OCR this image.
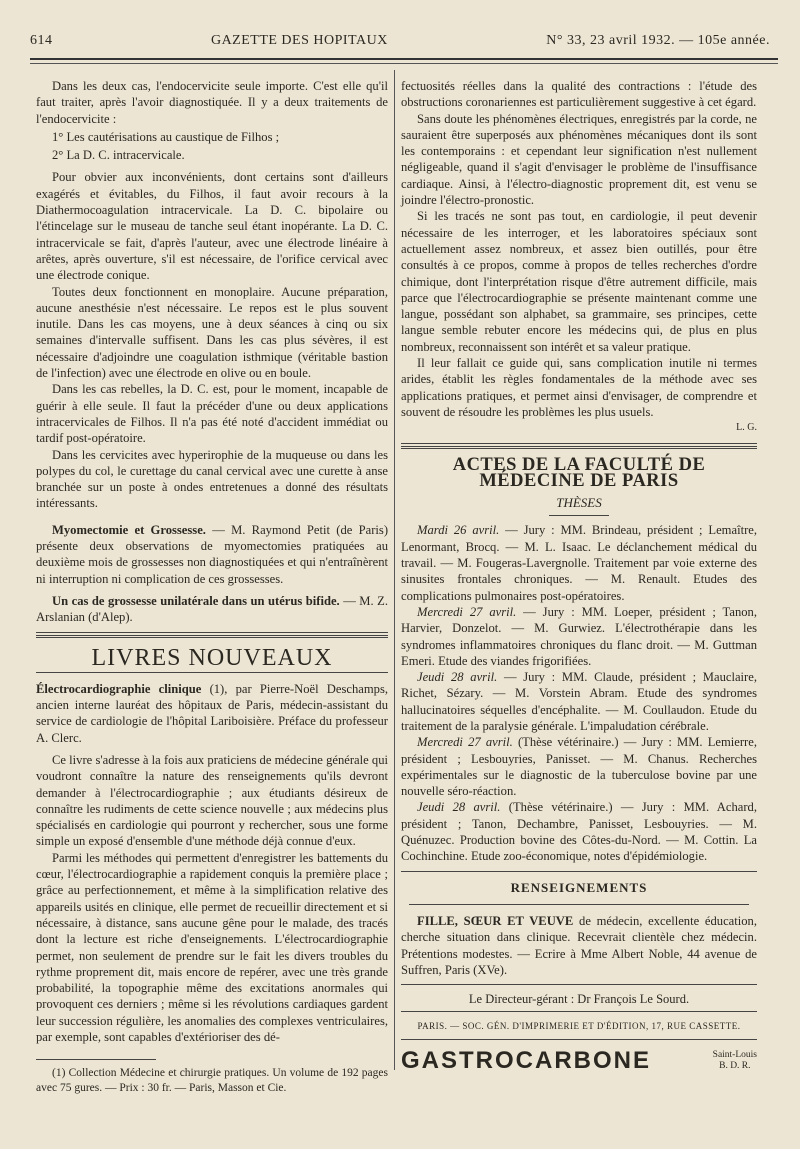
614	GAZETTE DES HOPITAUX	N° 33, 23 avril 1932. — 105e année.

Dans les deux cas, l'endocervicite seule importe. C'est elle qu'il faut traiter, après l'avoir diagnostiquée. Il y a deux traitements de l'endocervicite :

1° Les cautérisations au caustique de Filhos ;

2° La D. C. intracervicale.

Pour obvier aux inconvénients, dont certains sont d'ailleurs exagérés et évitables, du Filhos, il faut avoir recours à la Diathermocoagulation intracervicale. La D. C. bipolaire ou l'étincelage sur le museau de tanche seul étant inopérante. La D. C. intracervicale se fait, d'après l'auteur, avec une électrode linéaire à arêtes, après ouverture, s'il est nécessaire, de l'orifice cervical avec une électrode conique.

Toutes deux fonctionnent en monoplaire. Aucune préparation, aucune anesthésie n'est nécessaire. Le repos est le plus souvent inutile. Dans les cas moyens, une à deux séances à cinq ou six semaines d'intervalle suffisent. Dans les cas plus sévères, il est nécessaire d'adjoindre une coagulation isthmique (véritable bastion de l'infection) avec une électrode en olive ou en boule.

Dans les cas rebelles, la D. C. est, pour le moment, incapable de guérir à elle seule. Il faut la précéder d'une ou deux applications intracervicales de Filhos. Il n'a pas été noté d'accident immédiat ou tardif post-opératoire.

Dans les cervicites avec hyperirophie de la muqueuse ou dans les polypes du col, le curettage du canal cervical avec une curette à anse branchée sur un poste à ondes entretenues a donné des résultats intéressants.

Myomectomie et Grossesse. — M. Raymond Petit (de Paris) présente deux observations de myomectomies pratiquées au deuxième mois de grossesses non diagnostiquées et qui n'entraînèrent ni interruption ni complication de ces grossesses.

Un cas de grossesse unilatérale dans un utérus bifide. — M. Z. Arslanian (d'Alep).

LIVRES NOUVEAUX

Électrocardiographie clinique (1), par Pierre-Noël Deschamps, ancien interne lauréat des hôpitaux de Paris, médecin-assistant du service de cardiologie de l'hôpital Lariboisière. Préface du professeur A. Clerc.

Ce livre s'adresse à la fois aux praticiens de médecine générale qui voudront connaître la nature des renseignements qu'ils devront demander à l'électrocardiographie ; aux étudiants désireux de connaître les rudiments de cette science nouvelle ; aux médecins plus spécialisés en cardiologie qui pourront y rechercher, sous une forme simple un exposé d'ensemble d'une méthode déjà connue d'eux.

Parmi les méthodes qui permettent d'enregistrer les battements du cœur, l'électrocardiographie a rapidement conquis la première place ; grâce au perfectionnement, et même à la simplification relative des appareils usités en clinique, elle permet de recueillir directement et si nécessaire, à distance, sans aucune gêne pour le malade, des tracés dont la lecture est riche d'enseignements. L'électrocardiographie permet, non seulement de prendre sur le fait les divers troubles du rythme proprement dit, mais encore de repérer, avec une très grande probabilité, la topographie même des excitations anormales qui provoquent ces derniers ; même si les révolutions cardiaques gardent leur succession régulière, les anomalies des complexes ventriculaires, par exemple, sont capables d'extérioriser des dé-

(1) Collection Médecine et chirurgie pratiques. Un volume de 192 pages avec 75 gures. — Prix : 30 fr. — Paris, Masson et Cie.

fectuosités réelles dans la qualité des contractions : l'étude des obstructions coronariennes est particulièrement suggestive à cet égard.

Sans doute les phénomènes électriques, enregistrés par la corde, ne sauraient être superposés aux phénomènes mécaniques dont ils sont les contemporains : et cependant leur signification n'est nullement négligeable, quand il s'agit d'envisager le problème de l'insuffisance cardiaque. Ainsi, à l'électro-diagnostic proprement dit, est venu se joindre l'électro-pronostic.

Si les tracés ne sont pas tout, en cardiologie, il peut devenir nécessaire de les interroger, et les laboratoires spéciaux sont actuellement assez nombreux, et assez bien outillés, pour être consultés à ce propos, comme à propos de telles recherches d'ordre chimique, dont l'interprétation risque d'être autrement difficile, mais parce que l'électrocardiographie se présente maintenant comme une langue, possédant son alphabet, sa grammaire, ses principes, cette langue semble rebuter encore les médecins qui, de plus en plus nombreux, reconnaissent son intérêt et sa valeur pratique.

Il leur fallait ce guide qui, sans complication inutile ni termes arides, établit les règles fondamentales de la méthode avec ses applications pratiques, et permet ainsi d'envisager, de comprendre et souvent de résoudre les problèmes les plus usuels.

L. G.
ACTES DE LA FACULTÉ DE MÉDECINE DE PARIS
THÈSES

Mardi 26 avril. — Jury : MM. Brindeau, président ; Lemaître, Lenormant, Brocq. — M. L. Isaac. Le déclanchement médical du travail. — M. Fougeras-Lavergnolle. Traitement par voie externe des sinusites frontales chroniques. — M. Renault. Etudes des complications pulmonaires post-opératoires.

Mercredi 27 avril. — Jury : MM. Loeper, président ; Tanon, Harvier, Donzelot. — M. Gurwiez. L'électrothérapie dans les syndromes inflammatoires chroniques du flanc droit. — M. Guttman Emeri. Etude des viandes frigorifiées.

Jeudi 28 avril. — Jury : MM. Claude, président ; Mauclaire, Richet, Sézary. — M. Vorstein Abram. Etude des syndromes hallucinatoires séquelles d'encéphalite. — M. Coullaudon. Etude du traitement de la paralysie générale. L'impaludation cérébrale.

Mercredi 27 avril. (Thèse vétérinaire.) — Jury : MM. Lemierre, président ; Lesbouyries, Panisset. — M. Chanus. Recherches expérimentales sur le diagnostic de la tuberculose bovine par une nouvelle séro-réaction.

Jeudi 28 avril. (Thèse vétérinaire.) — Jury : MM. Achard, président ; Tanon, Dechambre, Panisset, Lesbouyries. — M. Quénuzec. Production bovine des Côtes-du-Nord. — M. Cottin. La Cochinchine. Etude zoo-économique, notes d'épidémiologie.

RENSEIGNEMENTS

FILLE, SŒUR ET VEUVE de médecin, excellente éducation, cherche situation dans clinique. Recevrait clientèle chez médecin. Prétentions modestes. — Ecrire à Mme Albert Noble, 44 avenue de Suffren, Paris (XVe).

Le Directeur-gérant : Dr François Le Sourd.
PARIS. — SOC. GÉN. D'IMPRIMERIE ET D'ÉDITION, 17, RUE CASSETTE.
GASTROCARBONE	Saint-Louis
B. D. R.
